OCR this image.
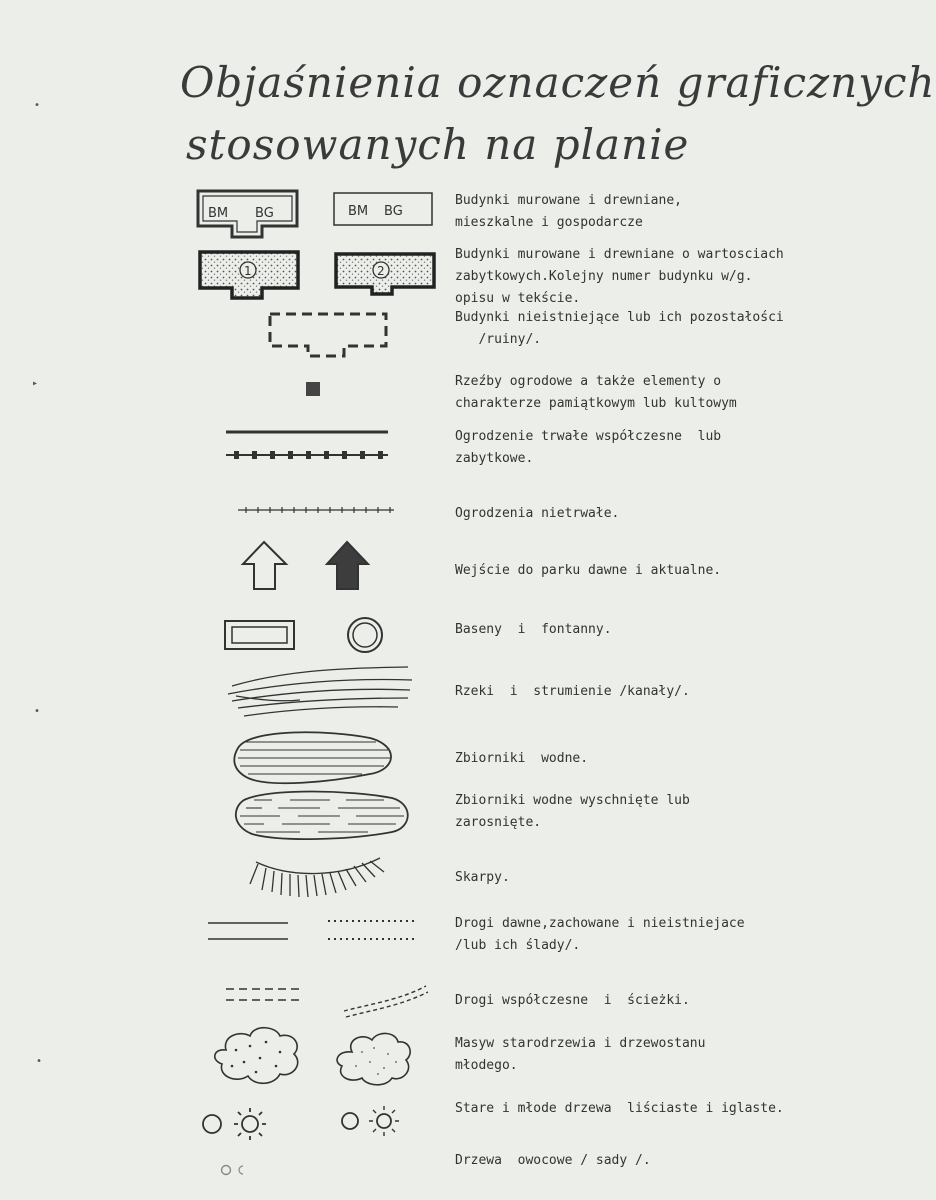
Objaśnienia oznaczeń graficznych
stosowanych na planie
•
▸
•
•
BM BG	BM BG
1	2
Budynki murowane i drewniane,
mieszkalne i gospodarcze
Budynki murowane i drewniane o wartosciach
zabytkowych.Kolejny numer budynku w/g.
opisu w tekście.
Budynki nieistniejące lub ich pozostałości
/ruiny/.
Rzeźby ogrodowe a także elementy o
charakterze pamiątkowym lub kultowym
Ogrodzenie trwałe współczesne  lub
zabytkowe.
Ogrodzenia nietrwałe.
Wejście do parku dawne i aktualne.
Baseny  i  fontanny.
Rzeki  i  strumienie /kanały/.
Zbiorniki  wodne.
Zbiorniki wodne wyschnięte lub
zarosnięte.
Skarpy.
Drogi dawne,zachowane i nieistniejace
/lub ich ślady/.
Drogi współczesne  i  ścieżki.
Masyw starodrzewia i drzewostanu
młodego.
Stare i młode drzewa  liściaste i iglaste.
Drzewa  owocowe / sady /.
